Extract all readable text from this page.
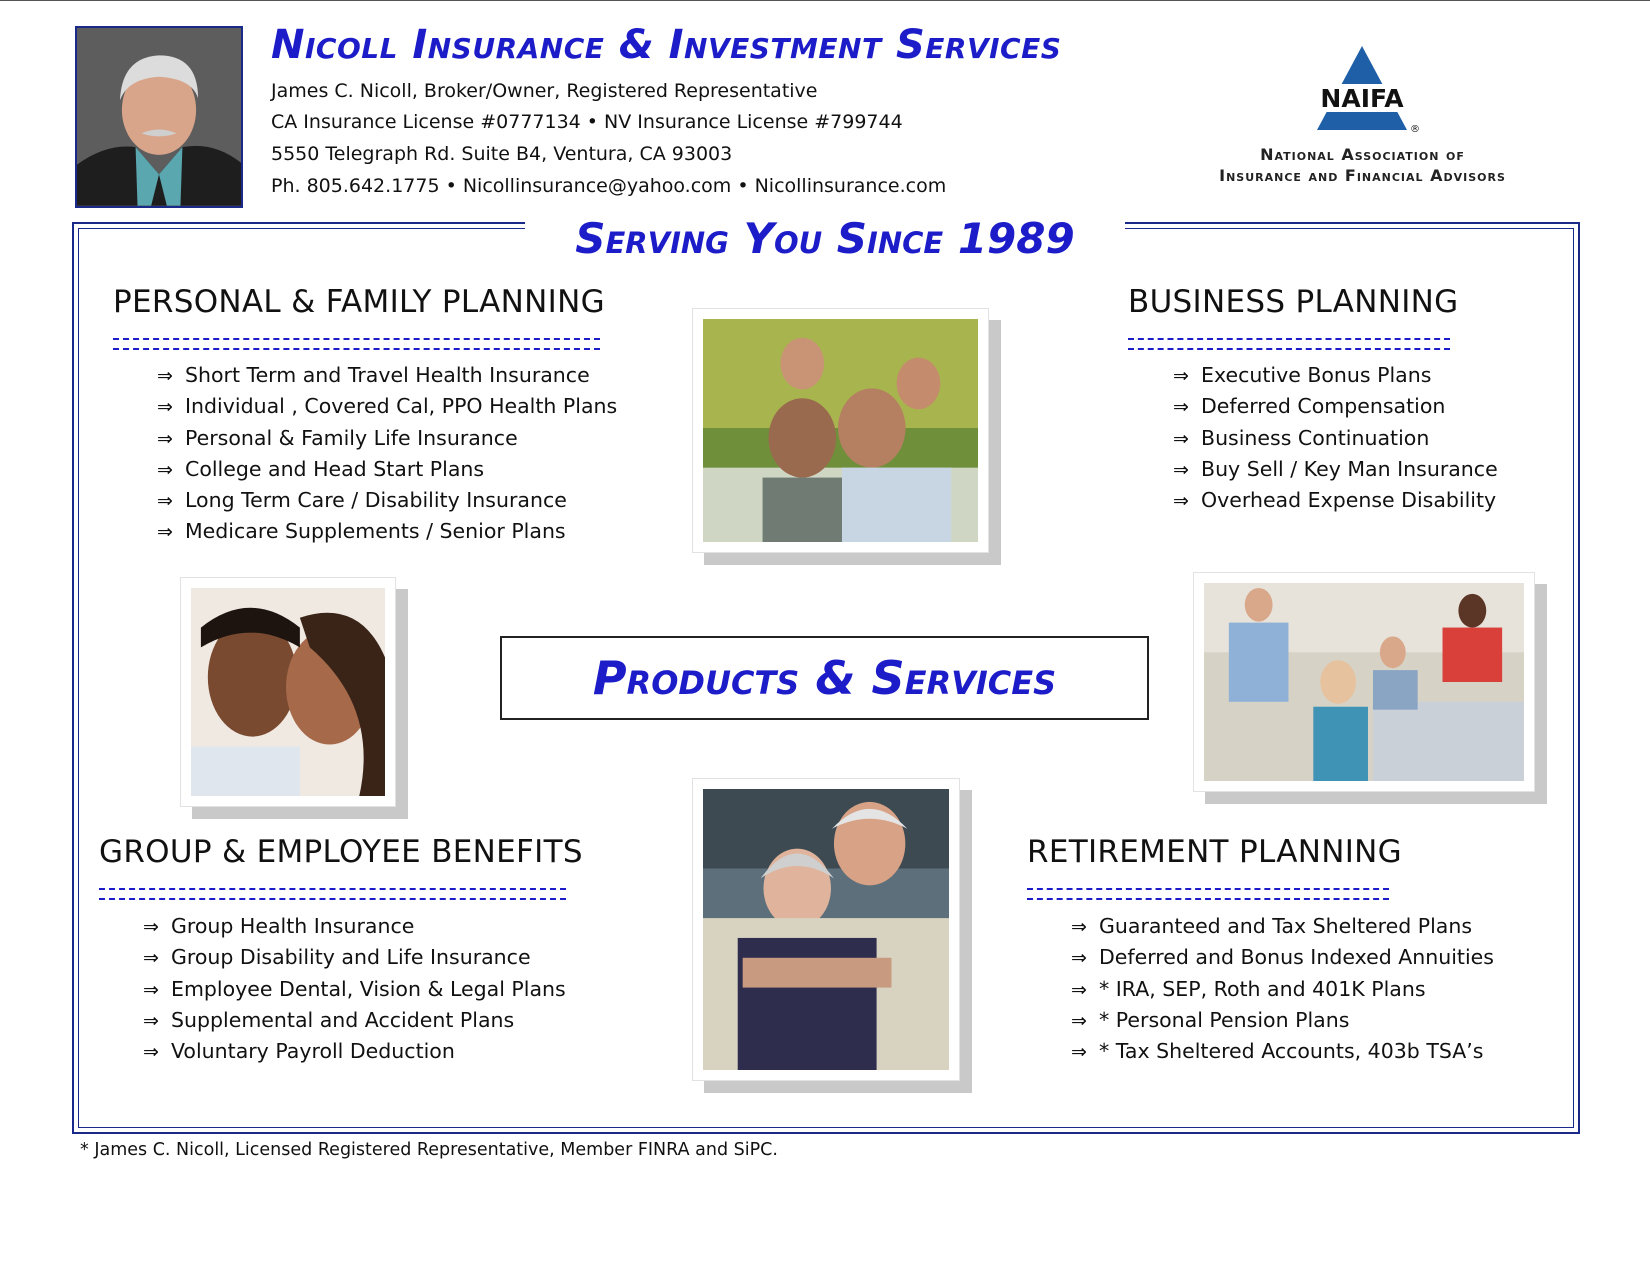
Nicoll Insurance & Investment Services
James C. Nicoll, Broker/Owner, Registered Representative
CA Insurance License #0777134 • NV Insurance License #799744
5550 Telegraph Rd. Suite B4, Ventura, CA 93003
Ph. 805.642.1775 • Nicollinsurance@yahoo.com • Nicollinsurance.com
NAIFA
®
National Association of
Insurance and Financial Advisors
Serving You Since 1989
PERSONAL & FAMILY PLANNING
⇒ Short Term and Travel Health Insurance
⇒ Individual , Covered Cal, PPO Health Plans
⇒ Personal & Family Life Insurance
⇒ College and Head Start Plans
⇒ Long Term Care / Disability Insurance
⇒ Medicare Supplements / Senior Plans
BUSINESS PLANNING
⇒ Executive Bonus Plans
⇒ Deferred Compensation
⇒ Business Continuation
⇒ Buy Sell / Key Man Insurance
⇒ Overhead Expense Disability
GROUP & EMPLOYEE BENEFITS
⇒ Group Health Insurance
⇒ Group Disability and Life Insurance
⇒ Employee Dental, Vision & Legal Plans
⇒ Supplemental and Accident Plans
⇒ Voluntary Payroll Deduction
RETIREMENT PLANNING
⇒ Guaranteed and Tax Sheltered Plans
⇒ Deferred and Bonus Indexed Annuities
⇒ * IRA, SEP, Roth and 401K Plans
⇒ * Personal Pension Plans
⇒ * Tax Sheltered Accounts, 403b TSA’s

Products & Services

* James C. Nicoll, Licensed Registered Representative, Member FINRA and SiPC.
